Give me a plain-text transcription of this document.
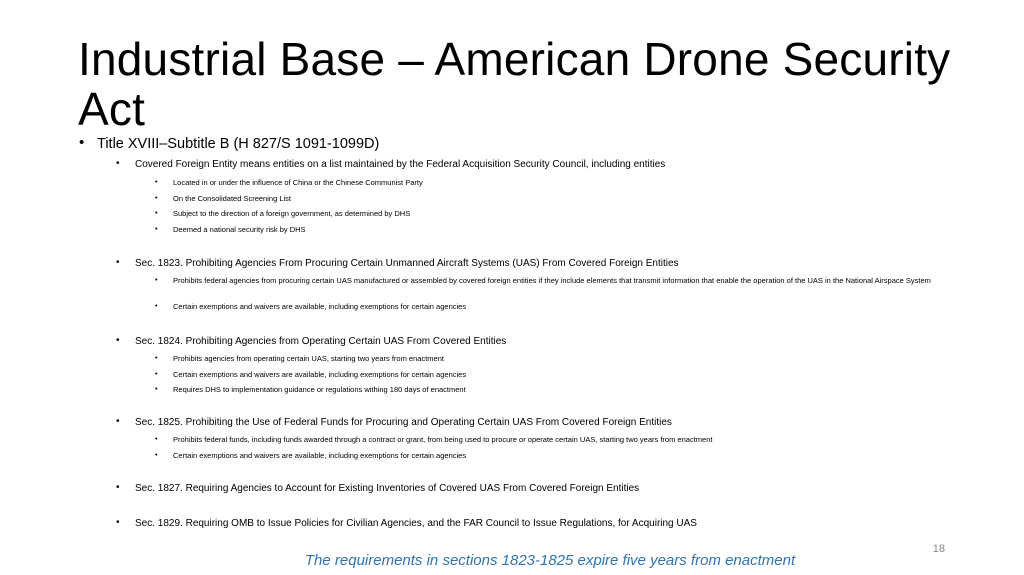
Industrial Base – American Drone Security Act
• Title XVIII–Subtitle B (H 827/S 1091-1099D)
• Covered Foreign Entity means entities on a list maintained by the Federal Acquisition Security Council, including entities
• Located in or under the influence of China or the Chinese Communist Party
• On the Consolidated Screening List
• Subject to the direction of a foreign government, as determined by DHS
• Deemed a national security risk by DHS
• Sec. 1823. Prohibiting Agencies From Procuring Certain Unmanned Aircraft Systems (UAS) From Covered Foreign Entities
• Prohibits federal agencies from procuring certain UAS manufactured or assembled by covered foreign entities if they include elements that transmit information that enable the operation of the UAS in the National Airspace System
• Certain exemptions and waivers are available, including exemptions for certain agencies
• Sec. 1824. Prohibiting Agencies from Operating Certain UAS From Covered Entities
• Prohibits agencies from operating certain UAS, starting two years from enactment
• Certain exemptions and waivers are available, including exemptions for certain agencies
• Requires DHS to implementation guidance or regulations withing 180 days of enactment
• Sec. 1825. Prohibiting the Use of Federal Funds for Procuring and Operating Certain UAS From Covered Foreign Entities
• Prohibits federal funds, including funds awarded through a contract or grant, from being used to procure or operate certain UAS, starting two years from enactment
• Certain exemptions and waivers are available, including exemptions for certain agencies
• Sec. 1827. Requiring Agencies to Account for Existing Inventories of Covered UAS From Covered Foreign Entities
• Sec. 1829. Requiring OMB to Issue Policies for Civilian Agencies, and the FAR Council to Issue Regulations, for Acquiring UAS
18
The requirements in sections 1823-1825 expire five years from enactment
